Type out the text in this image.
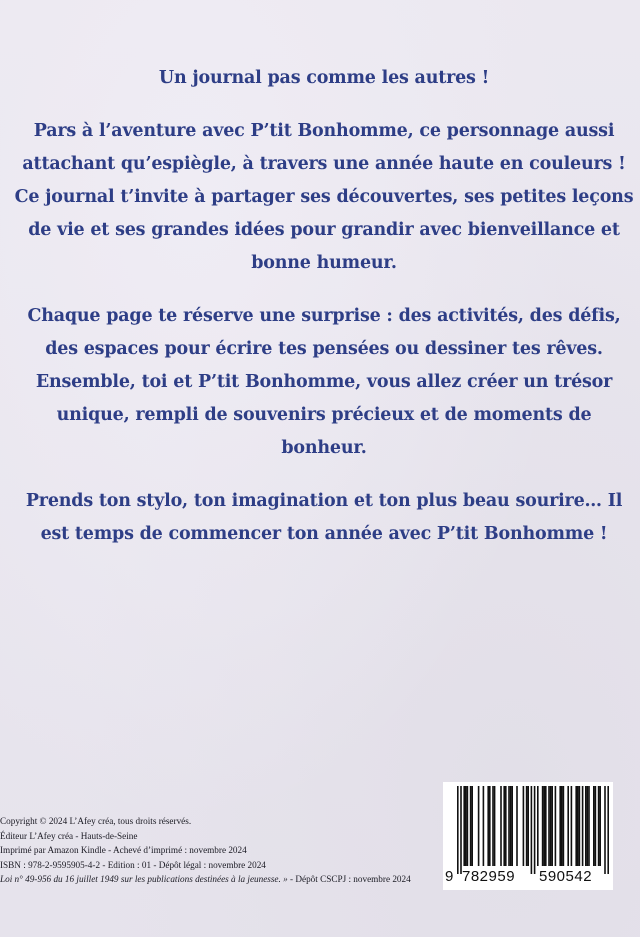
Un journal pas comme les autres !

Pars à l’aventure avec P’tit Bonhomme, ce personnage aussi attachant qu’espiègle, à travers une année haute en couleurs ! Ce journal t’invite à partager ses découvertes, ses petites leçons de vie et ses grandes idées pour grandir avec bienveillance et bonne humeur.

Chaque page te réserve une surprise : des activités, des défis, des espaces pour écrire tes pensées ou dessiner tes rêves. Ensemble, toi et P’tit Bonhomme, vous allez créer un trésor unique, rempli de souvenirs précieux et de moments de bonheur.

Prends ton stylo, ton imagination et ton plus beau sourire… Il est temps de commencer ton année avec P’tit Bonhomme !

Copyright © 2024 L’Afey créa, tous droits réservés.
Éditeur L’Afey créa - Hauts-de-Seine
Imprimé par Amazon Kindle - Achevé d’imprimé : novembre 2024
ISBN : 978-2-9595905-4-2 - Edition : 01 - Dépôt légal : novembre 2024
Loi n° 49-956 du 16 juillet 1949 sur les publications destinées à la jeunesse. » - Dépôt CSCPJ : novembre 2024	9 782959 590542
